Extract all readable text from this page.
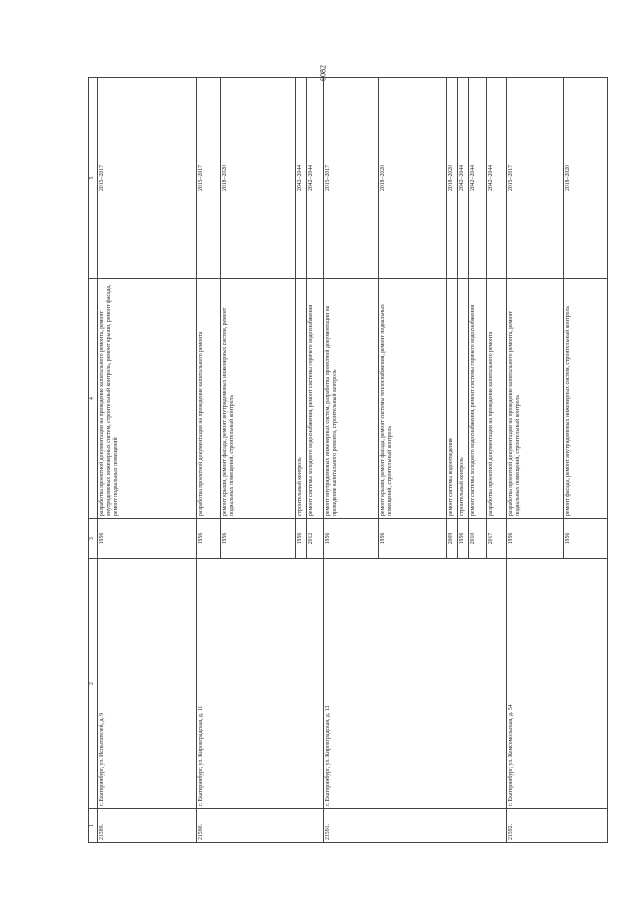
6082
1	2	3	4	5
21589.	г. Екатеринбург, ул. Испытателей, д. 9	1956	разработка проектной документации на проведение капитального ремонта, ремонт внутридомовых инженерных систем, строительный контроль, ремонт крыши, ремонт фасада, ремонт подвальных помещений	2015–2017
21590.	г. Екатеринбург, ул. Кировградская, д. 11	1956	разработка проектной документации на проведение капитального ремонта	2015–2017
		1956	ремонт крыши, ремонт фасада, ремонт внутридомовых инженерных систем, ремонт подвальных помещений, строительный контроль	2018–2020
		1956	строительный контроль	2042–2044
		2012	ремонт системы холодного водоснабжения, ремонт системы горячего водоснабжения	2042–2044
21591.	г. Екатеринбург, ул. Кировградская, д. 13	1956	ремонт внутридомовых инженерных систем, разработка проектной документации на проведение капитального ремонта, строительный контроль	2015–2017
		1956	ремонт крыши, ремонт фасада, ремонт системы теплоснабжения, ремонт подвальных помещений, строительный контроль	2018–2020
		2009	ремонт системы водоотведения	2018–2020
		1956	строительный контроль	2042–2044
		2010	ремонт системы холодного водоснабжения, ремонт системы горячего водоснабжения	2042–2044
		2017	разработка проектной документации на проведение капитального ремонта	2042–2044
21592.	г. Екатеринбург, ул. Комсомольская, д. 54	1956	разработка проектной документации на проведение капитального ремонта, ремонт подвальных помещений, строительный контроль	2015–2017
		1956	ремонт фасада, ремонт внутридомовых инженерных систем, строительный контроль	2018–2020
